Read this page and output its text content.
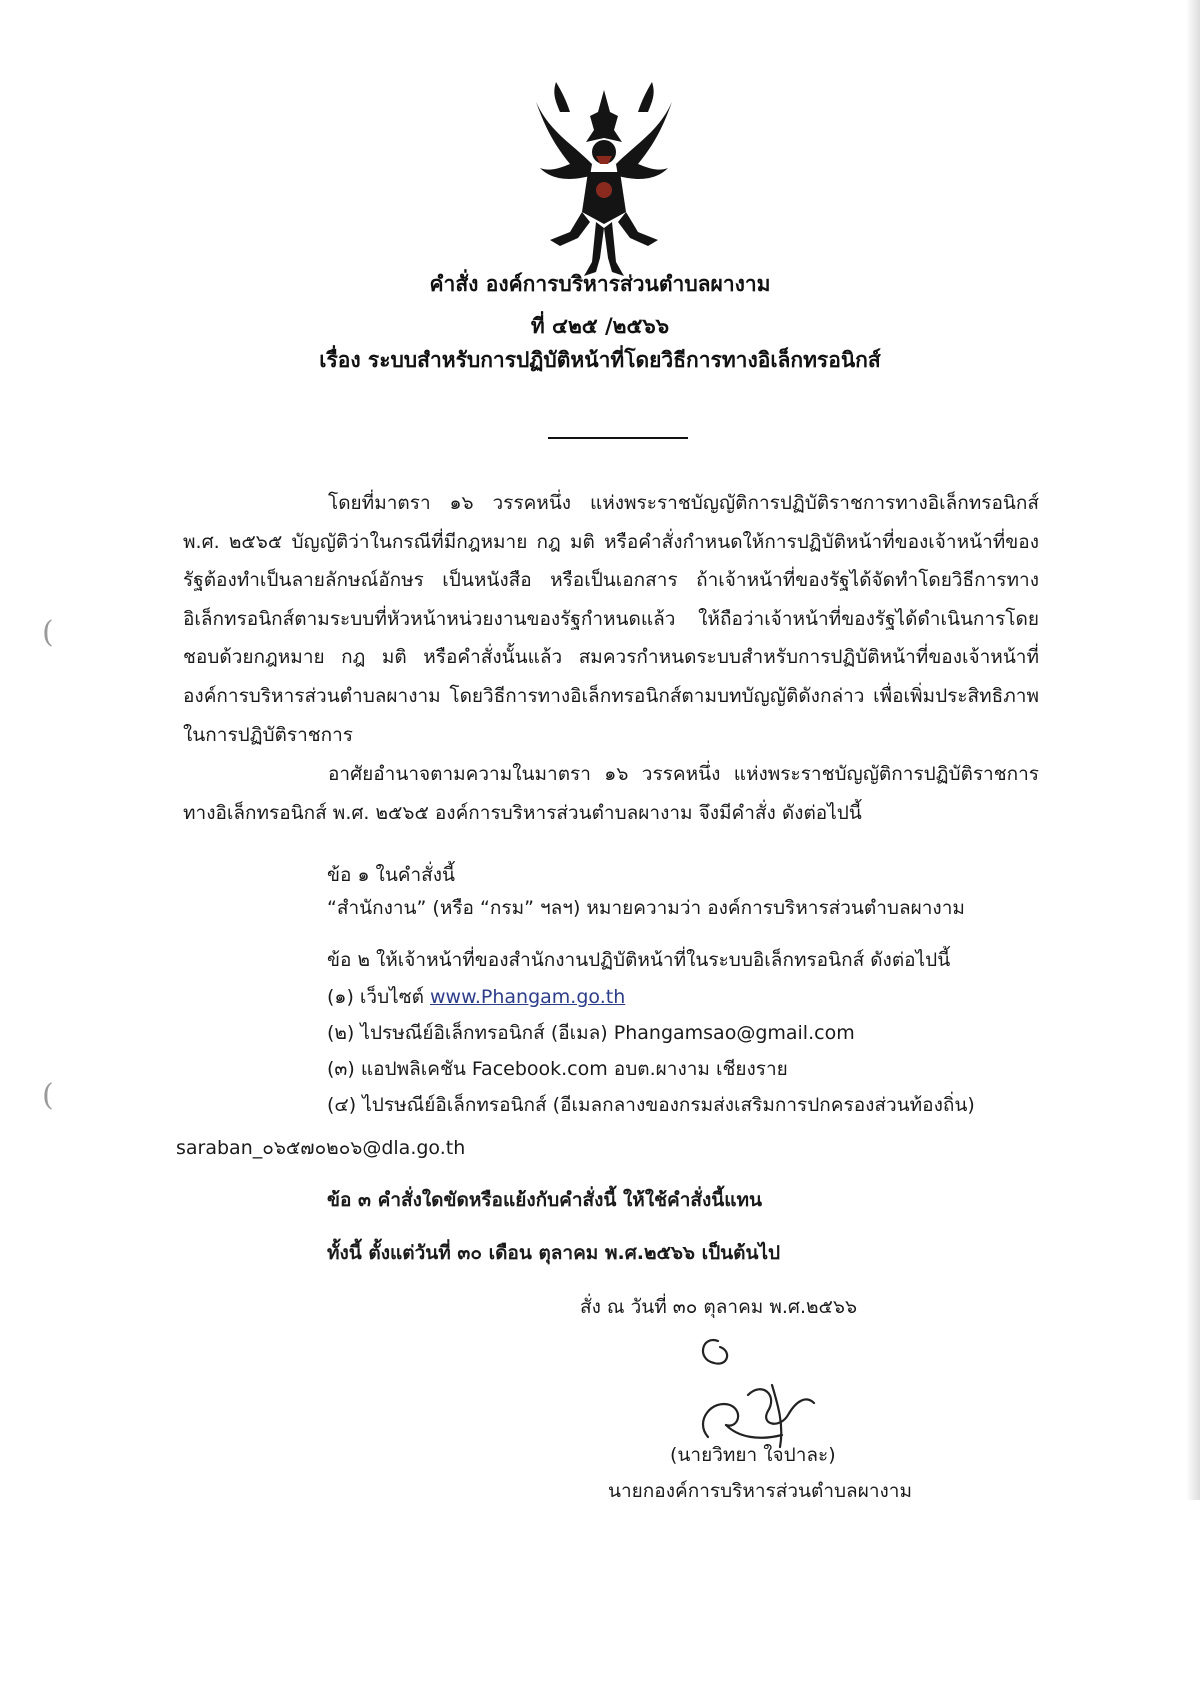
คำสั่ง องค์การบริหารส่วนตำบลผางาม
ที่ ๔๒๕ /๒๕๖๖
เรื่อง ระบบสำหรับการปฏิบัติหน้าที่โดยวิธีการทางอิเล็กทรอนิกส์
โดยที่มาตรา ๑๖ วรรคหนึ่ง แห่งพระราชบัญญัติการปฏิบัติราชการทางอิเล็กทรอนิกส์ พ.ศ. ๒๕๖๕ บัญญัติว่าในกรณีที่มีกฎหมาย กฎ มติ หรือคำสั่งกำหนดให้การปฏิบัติหน้าที่ของเจ้าหน้าที่ของรัฐต้องทำเป็นลายลักษณ์อักษร เป็นหนังสือ หรือเป็นเอกสาร ถ้าเจ้าหน้าที่ของรัฐได้จัดทำโดยวิธีการทางอิเล็กทรอนิกส์ตามระบบที่หัวหน้าหน่วยงานของรัฐกำหนดแล้ว ให้ถือว่าเจ้าหน้าที่ของรัฐได้ดำเนินการโดยชอบด้วยกฎหมาย กฎ มติ หรือคำสั่งนั้นแล้ว สมควรกำหนดระบบสำหรับการปฏิบัติหน้าที่ของเจ้าหน้าที่องค์การบริหารส่วนตำบลผางาม โดยวิธีการทางอิเล็กทรอนิกส์ตามบทบัญญัติดังกล่าว เพื่อเพิ่มประสิทธิภาพในการปฏิบัติราชการ
อาศัยอำนาจตามความในมาตรา ๑๖ วรรคหนึ่ง แห่งพระราชบัญญัติการปฏิบัติราชการทางอิเล็กทรอนิกส์ พ.ศ. ๒๕๖๕ องค์การบริหารส่วนตำบลผางาม จึงมีคำสั่ง ดังต่อไปนี้
ข้อ ๑ ในคำสั่งนี้
“สำนักงาน” (หรือ “กรม” ฯลฯ) หมายความว่า องค์การบริหารส่วนตำบลผางาม
ข้อ ๒ ให้เจ้าหน้าที่ของสำนักงานปฏิบัติหน้าที่ในระบบอิเล็กทรอนิกส์ ดังต่อไปนี้
(๑) เว็บไซต์ www.Phangam.go.th
(๒) ไปรษณีย์อิเล็กทรอนิกส์ (อีเมล) Phangamsao@gmail.com
(๓) แอปพลิเคชัน Facebook.com อบต.ผางาม เชียงราย
(๔) ไปรษณีย์อิเล็กทรอนิกส์ (อีเมลกลางของกรมส่งเสริมการปกครองส่วนท้องถิ่น)
saraban_๐๖๕๗๐๒๐๖@dla.go.th
ข้อ ๓ คำสั่งใดขัดหรือแย้งกับคำสั่งนี้ ให้ใช้คำสั่งนี้แทน
ทั้งนี้ ตั้งแต่วันที่ ๓๐ เดือน ตุลาคม พ.ศ.๒๕๖๖ เป็นต้นไป
สั่ง ณ วันที่ ๓๐ ตุลาคม พ.ศ.๒๕๖๖
(นายวิทยา ใจปาละ)
นายกองค์การบริหารส่วนตำบลผางาม
(
(
